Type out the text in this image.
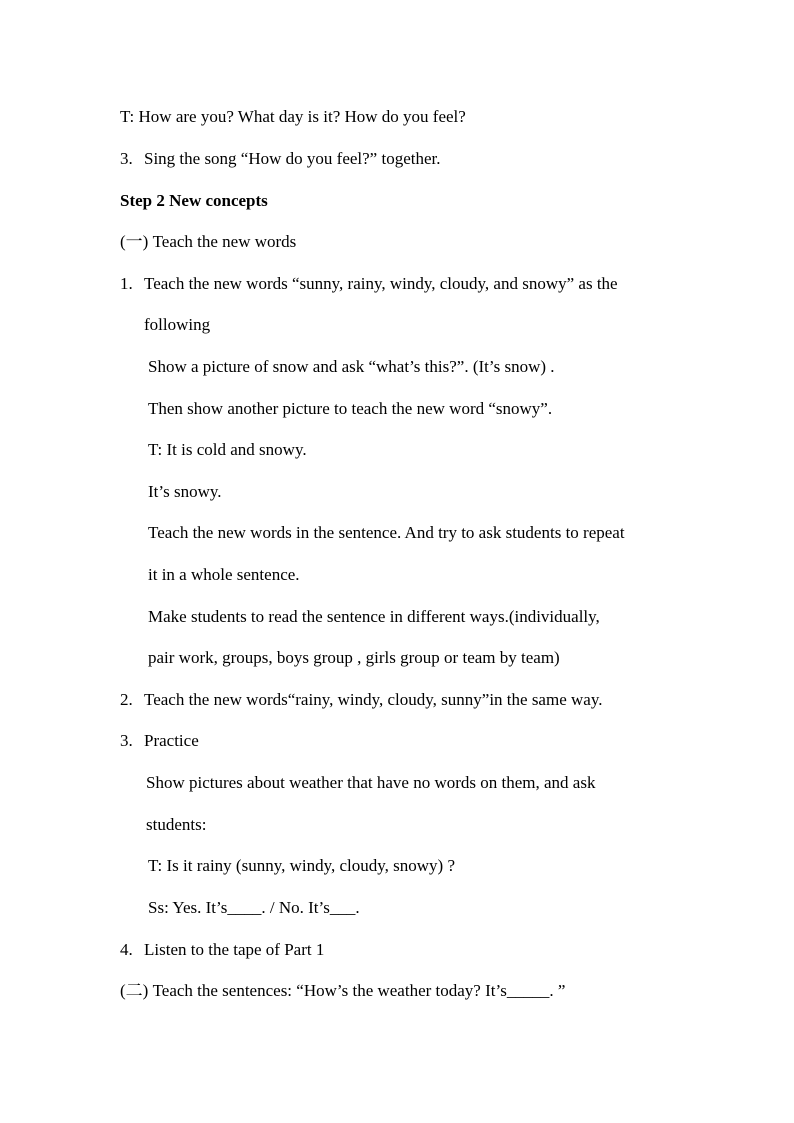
T: How are you? What day is it? How do you feel?
3. Sing the song “How do you feel?” together.
Step 2 New concepts
(一) Teach the new words
1. Teach the new words “sunny, rainy, windy, cloudy, and snowy” as the
following
Show a picture of snow and ask “what’s this?”. (It’s snow) .
Then show another picture to teach the new word “snowy”.
T: It is cold and snowy.
It’s snowy.
Teach the new words in the sentence. And try to ask students to repeat
it in a whole sentence.
Make students to read the sentence in different ways.(individually,
pair work, groups, boys group , girls group or team by team)
2. Teach the new words“rainy, windy, cloudy, sunny”in the same way.
3. Practice
Show pictures about weather that have no words on them, and ask
students:
T: Is it rainy (sunny, windy, cloudy, snowy) ?
Ss: Yes. It’s____. / No. It’s___.
4. Listen to the tape of Part 1
(二) Teach the sentences: “How’s the weather today? It’s_____. ”
